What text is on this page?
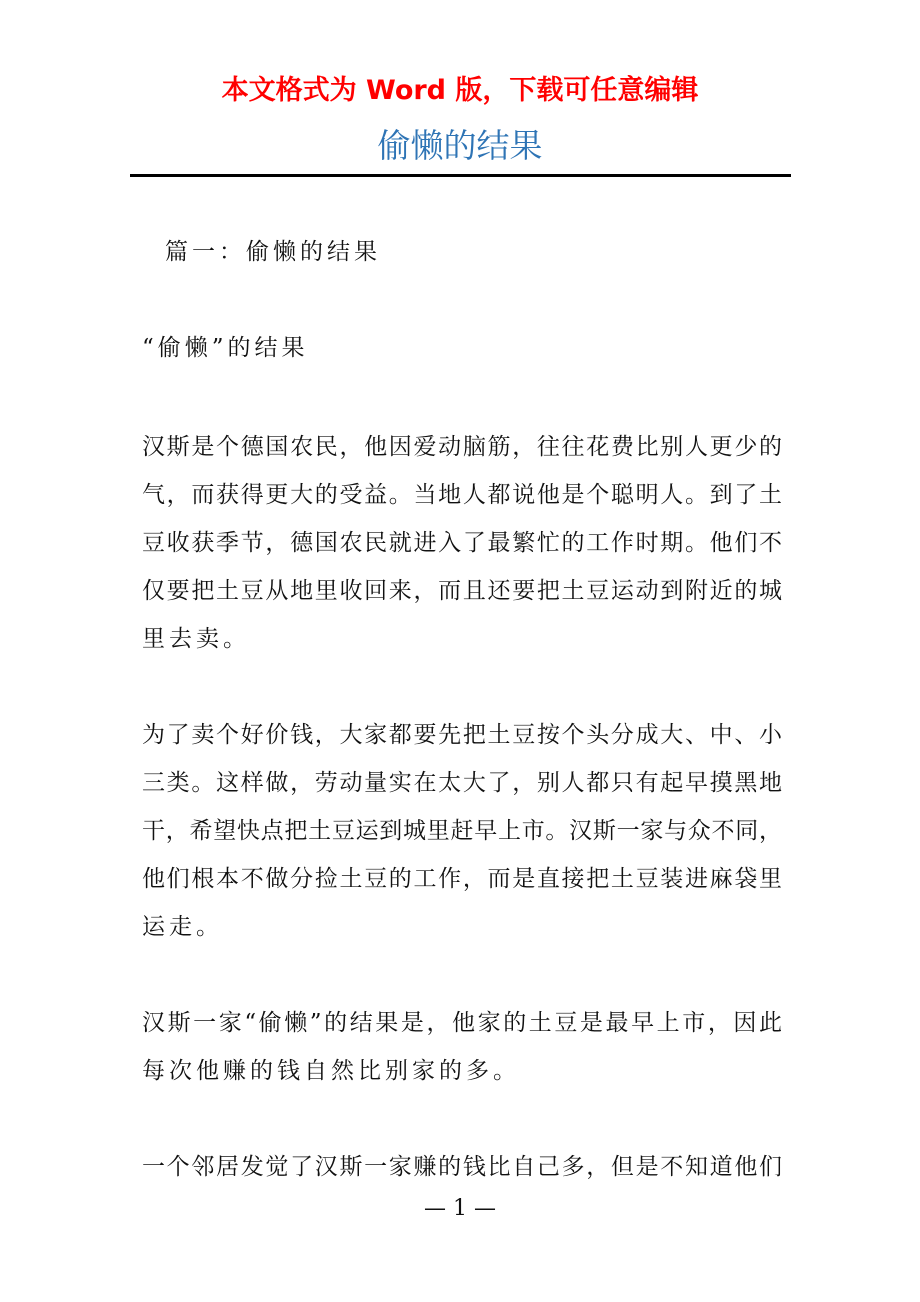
本文格式为 Word 版，下载可任意编辑
偷懒的结果
篇一：偷懒的结果
“偷懒”的结果
汉斯是个德国农民，他因爱动脑筋，往往花费比别人更少的
气，而获得更大的受益。当地人都说他是个聪明人。到了土
豆收获季节，德国农民就进入了最繁忙的工作时期。他们不
仅要把土豆从地里收回来，而且还要把土豆运动到附近的城
里去卖。
为了卖个好价钱，大家都要先把土豆按个头分成大、中、小
三类。这样做，劳动量实在太大了，别人都只有起早摸黑地
干，希望快点把土豆运到城里赶早上市。汉斯一家与众不同，
他们根本不做分捡土豆的工作，而是直接把土豆装进麻袋里
运走。
汉斯一家“偷懒”的结果是，他家的土豆是最早上市，因此
每次他赚的钱自然比别家的多。
一个邻居发觉了汉斯一家赚的钱比自己多，但是不知道他们
— 1 —
